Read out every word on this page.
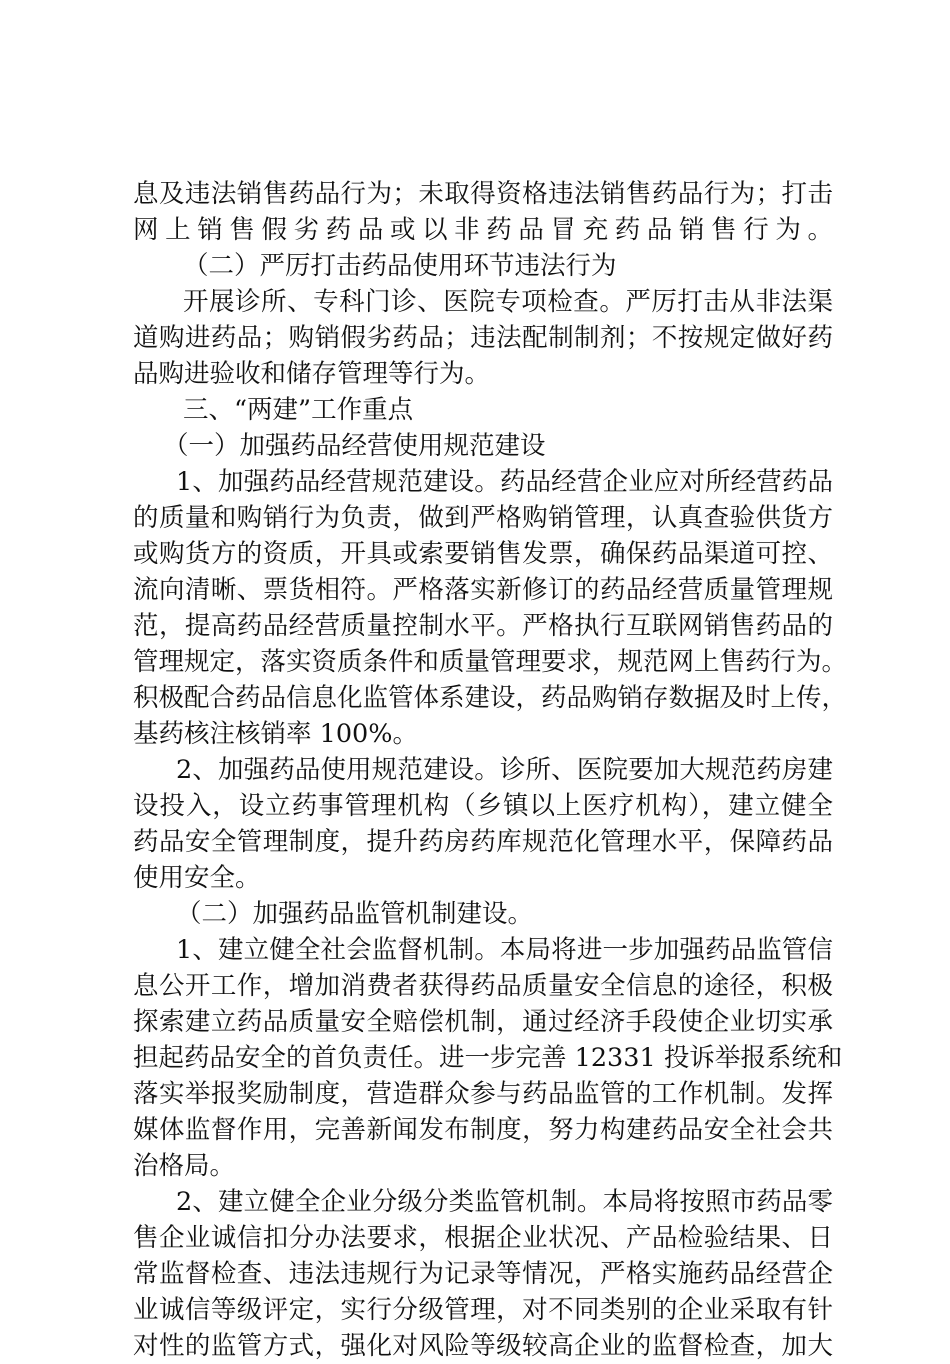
息及违法销售药品行为；未取得资格违法销售药品行为；打击
网上销售假劣药品或以非药品冒充药品销售行为。
（二）严厉打击药品使用环节违法行为
开展诊所、专科门诊、医院专项检查。严厉打击从非法渠
道购进药品；购销假劣药品；违法配制制剂；不按规定做好药
品购进验收和储存管理等行为。
三、“两建”工作重点
（一）加强药品经营使用规范建设
1、加强药品经营规范建设。药品经营企业应对所经营药品
的质量和购销行为负责，做到严格购销管理，认真查验供货方
或购货方的资质，开具或索要销售发票，确保药品渠道可控、
流向清晰、票货相符。严格落实新修订的药品经营质量管理规
范，提高药品经营质量控制水平。严格执行互联网销售药品的
管理规定，落实资质条件和质量管理要求，规范网上售药行为。
积极配合药品信息化监管体系建设，药品购销存数据及时上传，
基药核注核销率 100%。
2、加强药品使用规范建设。诊所、医院要加大规范药房建
设投入，设立药事管理机构（乡镇以上医疗机构），建立健全
药品安全管理制度，提升药房药库规范化管理水平，保障药品
使用安全。
（二）加强药品监管机制建设。
1、建立健全社会监督机制。本局将进一步加强药品监管信
息公开工作，增加消费者获得药品质量安全信息的途径，积极
探索建立药品质量安全赔偿机制，通过经济手段使企业切实承
担起药品安全的首负责任。进一步完善 12331 投诉举报系统和
落实举报奖励制度，营造群众参与药品监管的工作机制。发挥
媒体监督作用，完善新闻发布制度，努力构建药品安全社会共
治格局。
2、建立健全企业分级分类监管机制。本局将按照市药品零
售企业诚信扣分办法要求，根据企业状况、产品检验结果、日
常监督检查、违法违规行为记录等情况，严格实施药品经营企
业诚信等级评定，实行分级管理，对不同类别的企业采取有针
对性的监管方式，强化对风险等级较高企业的监督检查，加大
